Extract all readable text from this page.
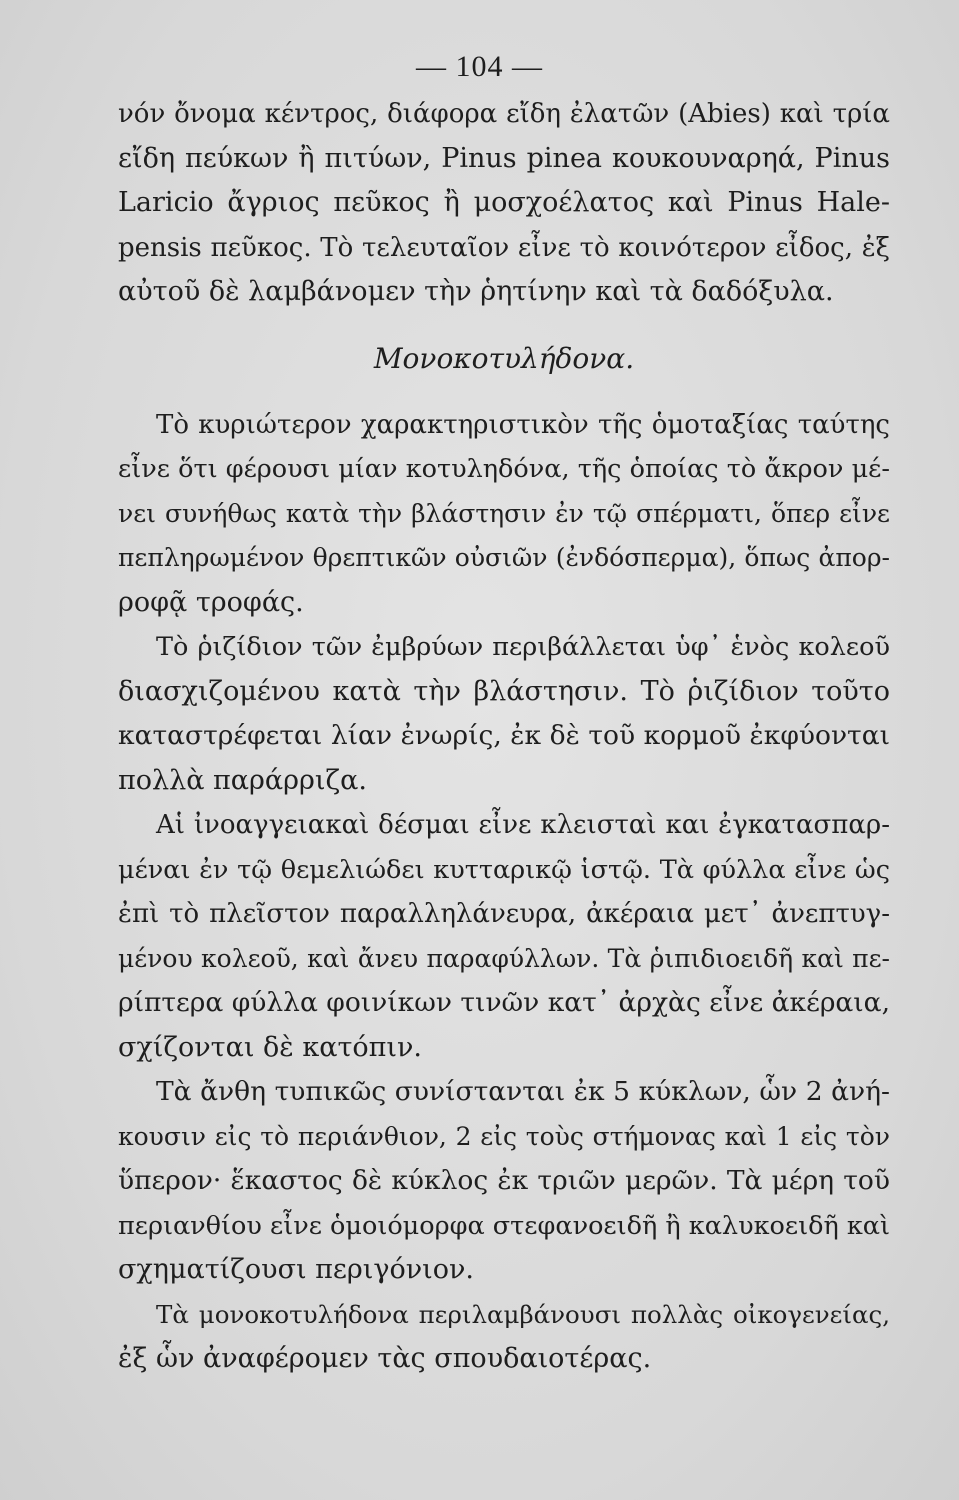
— 104 —
νόν ὄνομα κέντρος, διάφορα εἴδη ἐλατῶν (Abies) καὶ τρία
εἴδη πεύκων ἢ πιτύων, Pinus pinea κουκουναρηά, Pinus
Laricio ἄγριος πεῦκος ἢ μοσχοέλατος καὶ Pinus Hale-
pensis πεῦκος. Τὸ τελευταῖον εἶνε τὸ κοινότερον εἶδος, ἐξ
αὐτοῦ δὲ λαμβάνομεν τὴν ῥητίνην καὶ τὰ δαδόξυλα.
Μονοκοτυλήδονα.
Τὸ κυριώτερον χαρακτηριστικὸν τῆς ὁμοταξίας ταύτης
εἶνε ὅτι φέρουσι μίαν κοτυληδόνα, τῆς ὁποίας τὸ ἄκρον μέ-
νει συνήθως κατὰ τὴν βλάστησιν ἐν τῷ σπέρματι, ὅπερ εἶνε
πεπληρωμένον θρεπτικῶν οὐσιῶν (ἐνδόσπερμα), ὅπως ἀπορ-
ροφᾷ τροφάς.
Τὸ ῥιζίδιον τῶν ἐμβρύων περιβάλλεται ὑφ᾽ ἑνὸς κολεοῦ
διασχιζομένου κατὰ τὴν βλάστησιν. Τὸ ῥιζίδιον τοῦτο
καταστρέφεται λίαν ἐνωρίς, ἐκ δὲ τοῦ κορμοῦ ἐκφύονται
πολλὰ παράρριζα.
Αἱ ἰνοαγγειακαὶ δέσμαι εἶνε κλεισταὶ και ἐγκατασπαρ-
μέναι ἐν τῷ θεμελιώδει κυτταρικῷ ἱστῷ. Τὰ φύλλα εἶνε ὡς
ἐπὶ τὸ πλεῖστον παραλληλάνευρα, ἀκέραια μετ᾽ ἀνεπτυγ-
μένου κολεοῦ, καὶ ἄνευ παραφύλλων. Τὰ ῥιπιδιοειδῆ καὶ πε-
ρίπτερα φύλλα φοινίκων τινῶν κατ᾽ ἀρχὰς εἶνε ἀκέραια,
σχίζονται δὲ κατόπιν.
Τὰ ἄνθη τυπικῶς συνίστανται ἐκ 5 κύκλων, ὧν 2 ἀνή-
κουσιν εἰς τὸ περιάνθιον, 2 εἰς τοὺς στήμονας καὶ 1 εἰς τὸν
ὕπερον· ἕκαστος δὲ κύκλος ἐκ τριῶν μερῶν. Τὰ μέρη τοῦ
περιανθίου εἶνε ὁμοιόμορφα στεφανοειδῆ ἢ καλυκοειδῆ καὶ
σχηματίζουσι περιγόνιον.
Τὰ μονοκοτυλήδονα περιλαμβάνουσι πολλὰς οἰκογενείας,
ἐξ ὧν ἀναφέρομεν τὰς σπουδαιοτέρας.
